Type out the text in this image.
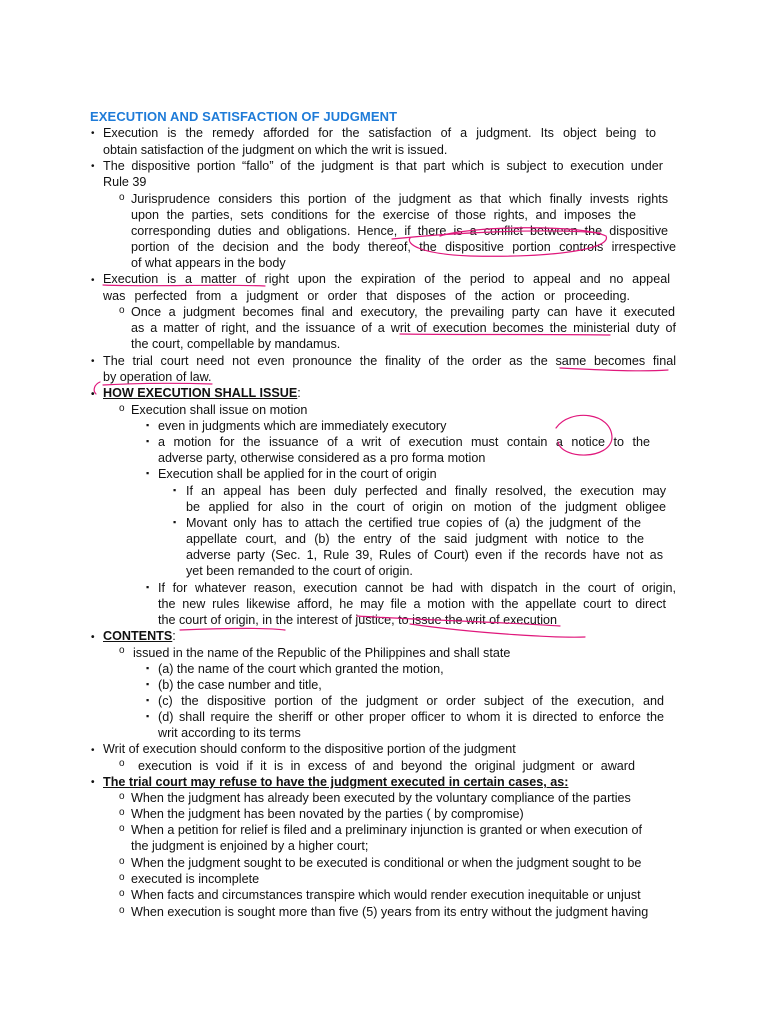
EXECUTION AND SATISFACTION OF JUDGMENT
• Execution is the remedy afforded for the satisfaction of a judgment. Its object being to
obtain satisfaction of the judgment on which the writ is issued.
• The dispositive portion “fallo” of the judgment is that part which is subject to execution under
Rule 39
o Jurisprudence considers this portion of the judgment as that which finally invests rights
upon the parties, sets conditions for the exercise of those rights, and imposes the
corresponding duties and obligations. Hence, if there is a conflict between the dispositive
portion of the decision and the body thereof, the dispositive portion controls irrespective
of what appears in the body
• Execution is a matter of right upon the expiration of the period to appeal and no appeal
was perfected from a judgment or order that disposes of the action or proceeding.
o Once a judgment becomes final and executory, the prevailing party can have it executed
as a matter of right, and the issuance of a writ of execution becomes the ministerial duty of
the court, compellable by mandamus.
• The trial court need not even pronounce the finality of the order as the same becomes final
by operation of law.
• HOW EXECUTION SHALL ISSUE:
o Execution shall issue on motion
▪ even in judgments which are immediately executory
▪ a motion for the issuance of a writ of execution must contain a notice to the
adverse party, otherwise considered as a pro forma motion
▪ Execution shall be applied for in the court of origin
▪ If an appeal has been duly perfected and finally resolved, the execution may
be applied for also in the court of origin on motion of the judgment obligee
▪ Movant only has to attach the certified true copies of (a) the judgment of the
appellate court, and (b) the entry of the said judgment with notice to the
adverse party (Sec. 1, Rule 39, Rules of Court) even if the records have not as
yet been remanded to the court of origin.
▪ If for whatever reason, execution cannot be had with dispatch in the court of origin,
the new rules likewise afford, he may file a motion with the appellate court to direct
the court of origin, in the interest of justice, to issue the writ of execution
• CONTENTS:
o issued in the name of the Republic of the Philippines and shall state
▪ (a) the name of the court which granted the motion,
▪ (b) the case number and title,
▪ (c) the dispositive portion of the judgment or order subject of the execution, and
▪ (d) shall require the sheriff or other proper officer to whom it is directed to enforce the
writ according to its terms
• Writ of execution should conform to the dispositive portion of the judgment
o execution is void if it is in excess of and beyond the original judgment or award
• The trial court may refuse to have the judgment executed in certain cases, as:
o When the judgment has already been executed by the voluntary compliance of the parties
o When the judgment has been novated by the parties ( by compromise)
o When a petition for relief is filed and a preliminary injunction is granted or when execution of
the judgment is enjoined by a higher court;
o When the judgment sought to be executed is conditional or when the judgment sought to be
o executed is incomplete
o When facts and circumstances transpire which would render execution inequitable or unjust
o When execution is sought more than five (5) years from its entry without the judgment having
